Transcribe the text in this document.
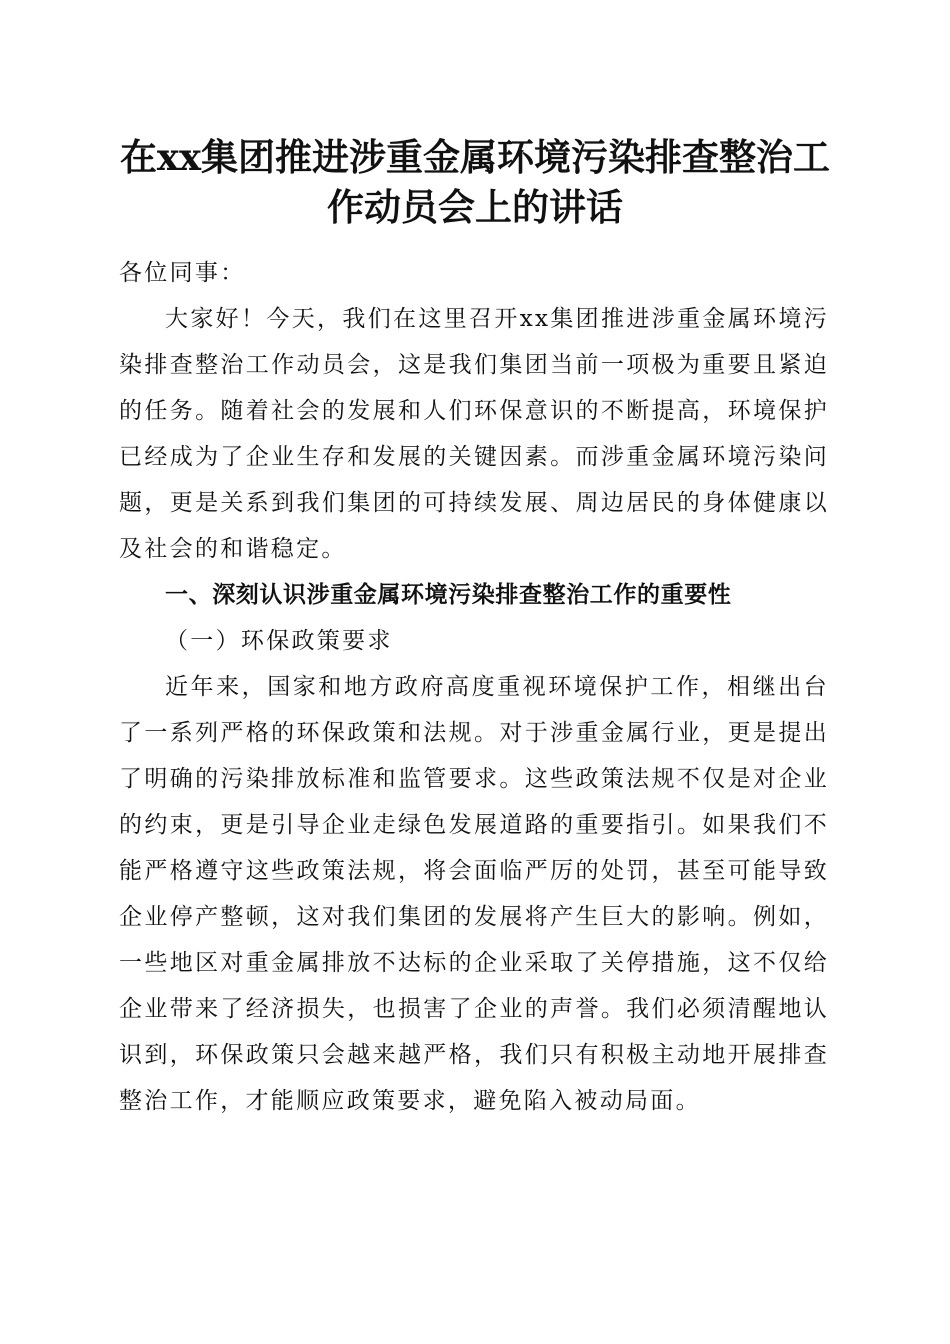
在xx集团推进涉重金属环境污染排查整治工作动员会上的讲话

各位同事：

大家好！今天，我们在这里召开xx集团推进涉重金属环境污染排查整治工作动员会，这是我们集团当前一项极为重要且紧迫的任务。随着社会的发展和人们环保意识的不断提高，环境保护已经成为了企业生存和发展的关键因素。而涉重金属环境污染问题，更是关系到我们集团的可持续发展、周边居民的身体健康以及社会的和谐稳定。

一、深刻认识涉重金属环境污染排查整治工作的重要性

（一）环保政策要求

近年来，国家和地方政府高度重视环境保护工作，相继出台了一系列严格的环保政策和法规。对于涉重金属行业，更是提出了明确的污染排放标准和监管要求。这些政策法规不仅是对企业的约束，更是引导企业走绿色发展道路的重要指引。如果我们不能严格遵守这些政策法规，将会面临严厉的处罚，甚至可能导致企业停产整顿，这对我们集团的发展将产生巨大的影响。例如，一些地区对重金属排放不达标的企业采取了关停措施，这不仅给企业带来了经济损失，也损害了企业的声誉。我们必须清醒地认识到，环保政策只会越来越严格，我们只有积极主动地开展排查整治工作，才能顺应政策要求，避免陷入被动局面。
